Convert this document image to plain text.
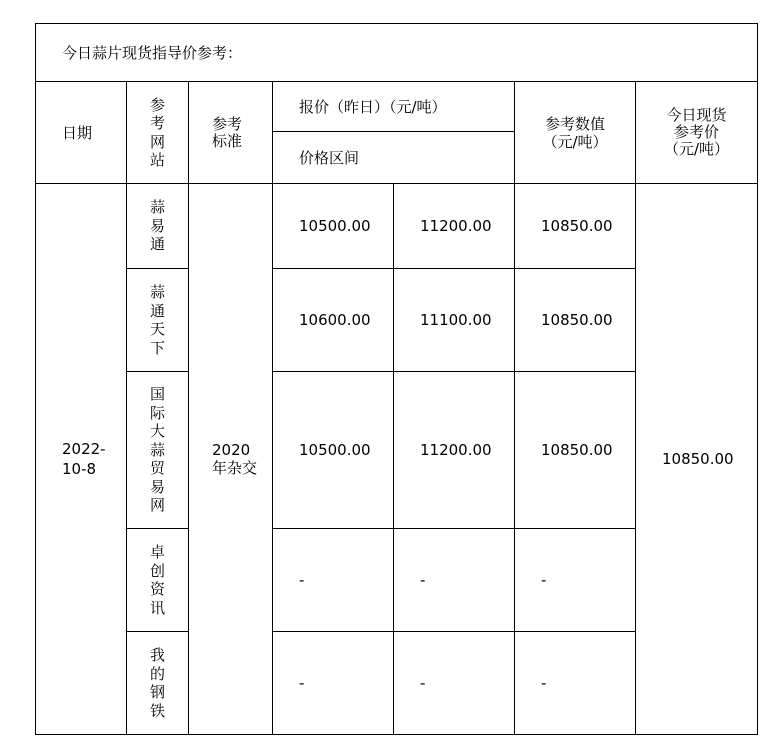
今日蒜片现货指导价参考：						
日期	参考网站	参考标准	报价（昨日）（元/吨）		参考数值（元/吨）	今日现货参考价（元/吨）

			价格区间			

2022-10-8	蒜易通	2020年杂交	10500.00	11200.00	10850.00	10850.00

	蒜通天下		10600.00	11100.00	10850.00	

	国际大蒜贸易网		10500.00	11200.00	10850.00	

	卓创资讯		-	-	-	

	我的钢铁		-	-	-	
